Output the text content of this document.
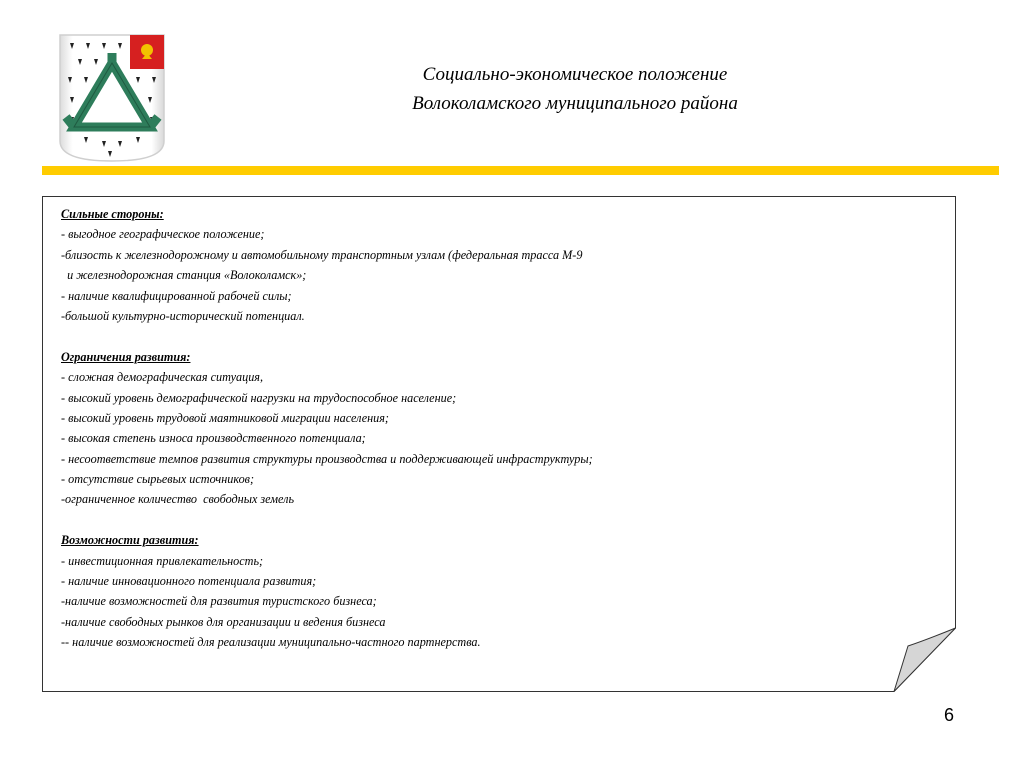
Социально-экономическое положение
Волоколамского муниципального района
Сильные стороны:
- выгодное географическое положение;
-близость к железнодорожному и автомобильному транспортным узлам (федеральная трасса М-9
и железнодорожная станция «Волоколамск»;
- наличие квалифицированной рабочей силы;
-большой культурно-исторический потенциал.
Ограничения развития:
- сложная демографическая ситуация,
- высокий уровень демографической нагрузки на трудоспособное население;
- высокий уровень трудовой маятниковой миграции населения;
- высокая степень износа производственного потенциала;
- несоответствие темпов развития структуры производства и поддерживающей инфраструктуры;
- отсутствие сырьевых источников;
-ограниченное количество  свободных земель
Возможности развития:
- инвестиционная привлекательность;
- наличие инновационного потенциала развития;
-наличие возможностей для развития туристского бизнеса;
-наличие свободных рынков для организации и ведения бизнеса
-- наличие возможностей для реализации муниципально-частного партнерства.
6
